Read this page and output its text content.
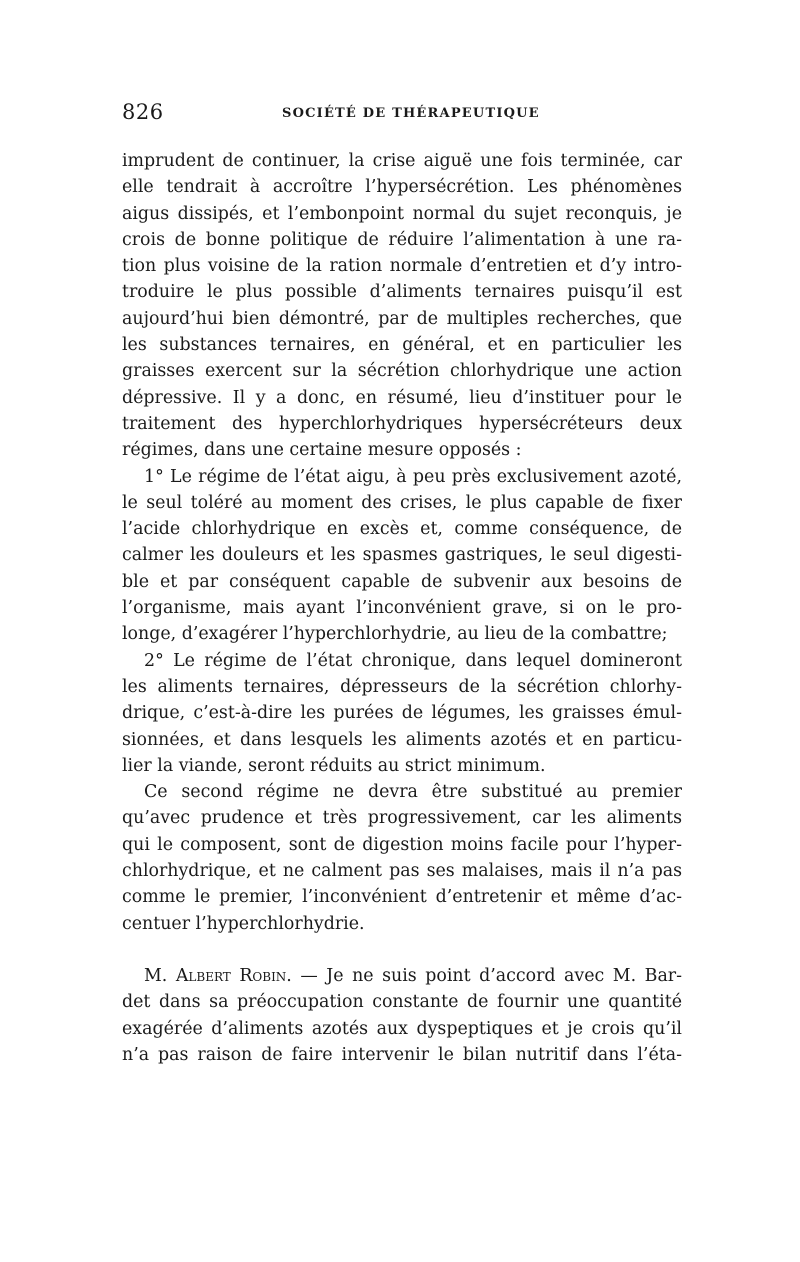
826	SOCIÉTÉ DE THÉRAPEUTIQUE
imprudent de continuer, la crise aiguë une fois terminée, car
elle tendrait à accroître l’hypersécrétion. Les phénomènes
aigus dissipés, et l’embonpoint normal du sujet reconquis, je
crois de bonne politique de réduire l’alimentation à une ra-
tion plus voisine de la ration normale d’entretien et d’y intro-
troduire le plus possible d’aliments ternaires puisqu’il est
aujourd’hui bien démontré, par de multiples recherches, que
les substances ternaires, en général, et en particulier les
graisses exercent sur la sécrétion chlorhydrique une action
dépressive. Il y a donc, en résumé, lieu d’instituer pour le
traitement des hyperchlorhydriques hypersécréteurs deux
régimes, dans une certaine mesure opposés :
1° Le régime de l’état aigu, à peu près exclusivement azoté,
le seul toléré au moment des crises, le plus capable de fixer
l’acide chlorhydrique en excès et, comme conséquence, de
calmer les douleurs et les spasmes gastriques, le seul digesti-
ble et par conséquent capable de subvenir aux besoins de
l’organisme, mais ayant l’inconvénient grave, si on le pro-
longe, d’exagérer l’hyperchlorhydrie, au lieu de la combattre;
2° Le régime de l’état chronique, dans lequel domineront
les aliments ternaires, dépresseurs de la sécrétion chlorhy-
drique, c’est-à-dire les purées de légumes, les graisses émul-
sionnées, et dans lesquels les aliments azotés et en particu-
lier la viande, seront réduits au strict minimum.
Ce second régime ne devra être substitué au premier
qu’avec prudence et très progressivement, car les aliments
qui le composent, sont de digestion moins facile pour l’hyper-
chlorhydrique, et ne calment pas ses malaises, mais il n’a pas
comme le premier, l’inconvénient d’entretenir et même d’ac-
centuer l’hyperchlorhydrie.
M. Albert Robin. — Je ne suis point d’accord avec M. Bar-
det dans sa préoccupation constante de fournir une quantité
exagérée d’aliments azotés aux dyspeptiques et je crois qu’il
n’a pas raison de faire intervenir le bilan nutritif dans l’éta-
